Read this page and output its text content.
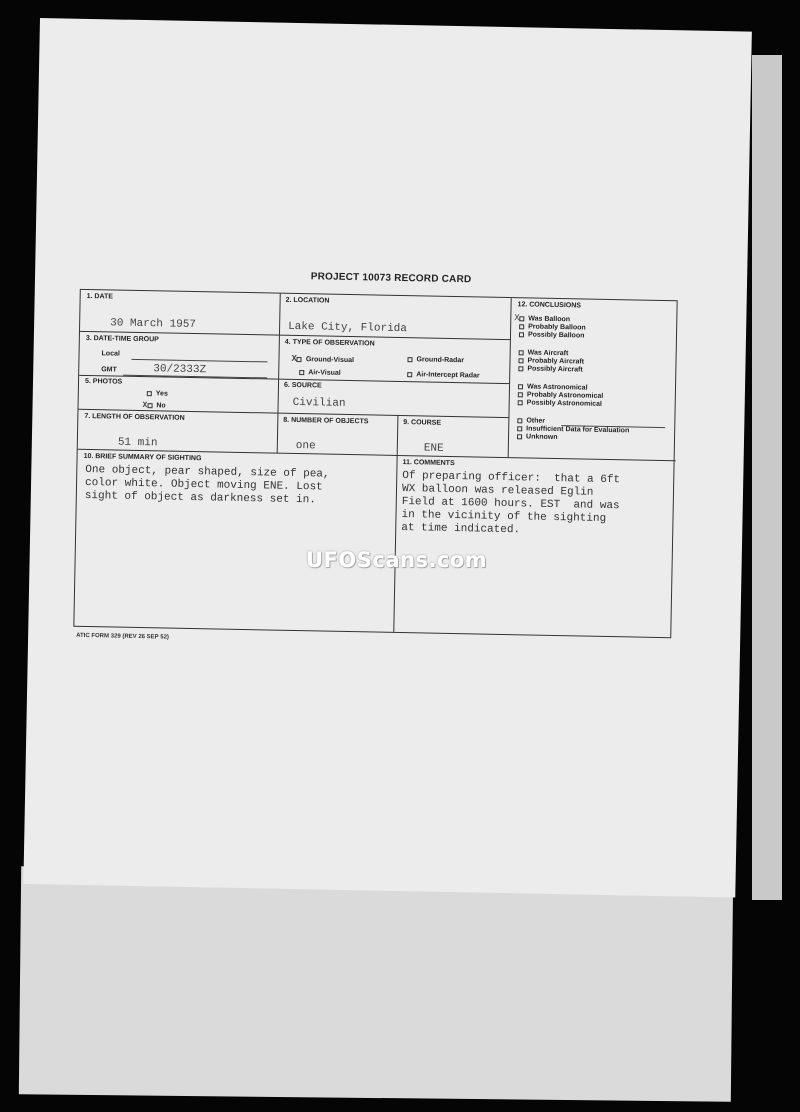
PROJECT 10073 RECORD CARD
1. DATE
30 March 1957
2. LOCATION
Lake City, Florida
3. DATE-TIME GROUP
Local
GMT	30/2333Z
4. TYPE OF OBSERVATION
X Ground-Visual	Ground-Radar
Air-Visual	Air-Intercept Radar
5. PHOTOS
Yes
X No
6. SOURCE
Civilian
7. LENGTH OF OBSERVATION
51 min
8. NUMBER OF OBJECTS
one
9. COURSE
ENE
12. CONCLUSIONS
X	Was Balloon
Probably Balloon
Possibly Balloon
Was Aircraft
Probably Aircraft
Possibly Aircraft
Was Astronomical
Probably Astronomical
Possibly Astronomical
Other
Insufficient Data for Evaluation
Unknown
10. BRIEF SUMMARY OF SIGHTING
One object, pear shaped, size of pea,
color white. Object moving ENE. Lost
sight of object as darkness set in.
11. COMMENTS
Of preparing officer:  that a 6ft
WX balloon was released Eglin
Field at 1600 hours. EST  and was
in the vicinity of the sighting
at time indicated.
ATIC FORM 329 (REV 26 SEP 52)
UFOScans.com
